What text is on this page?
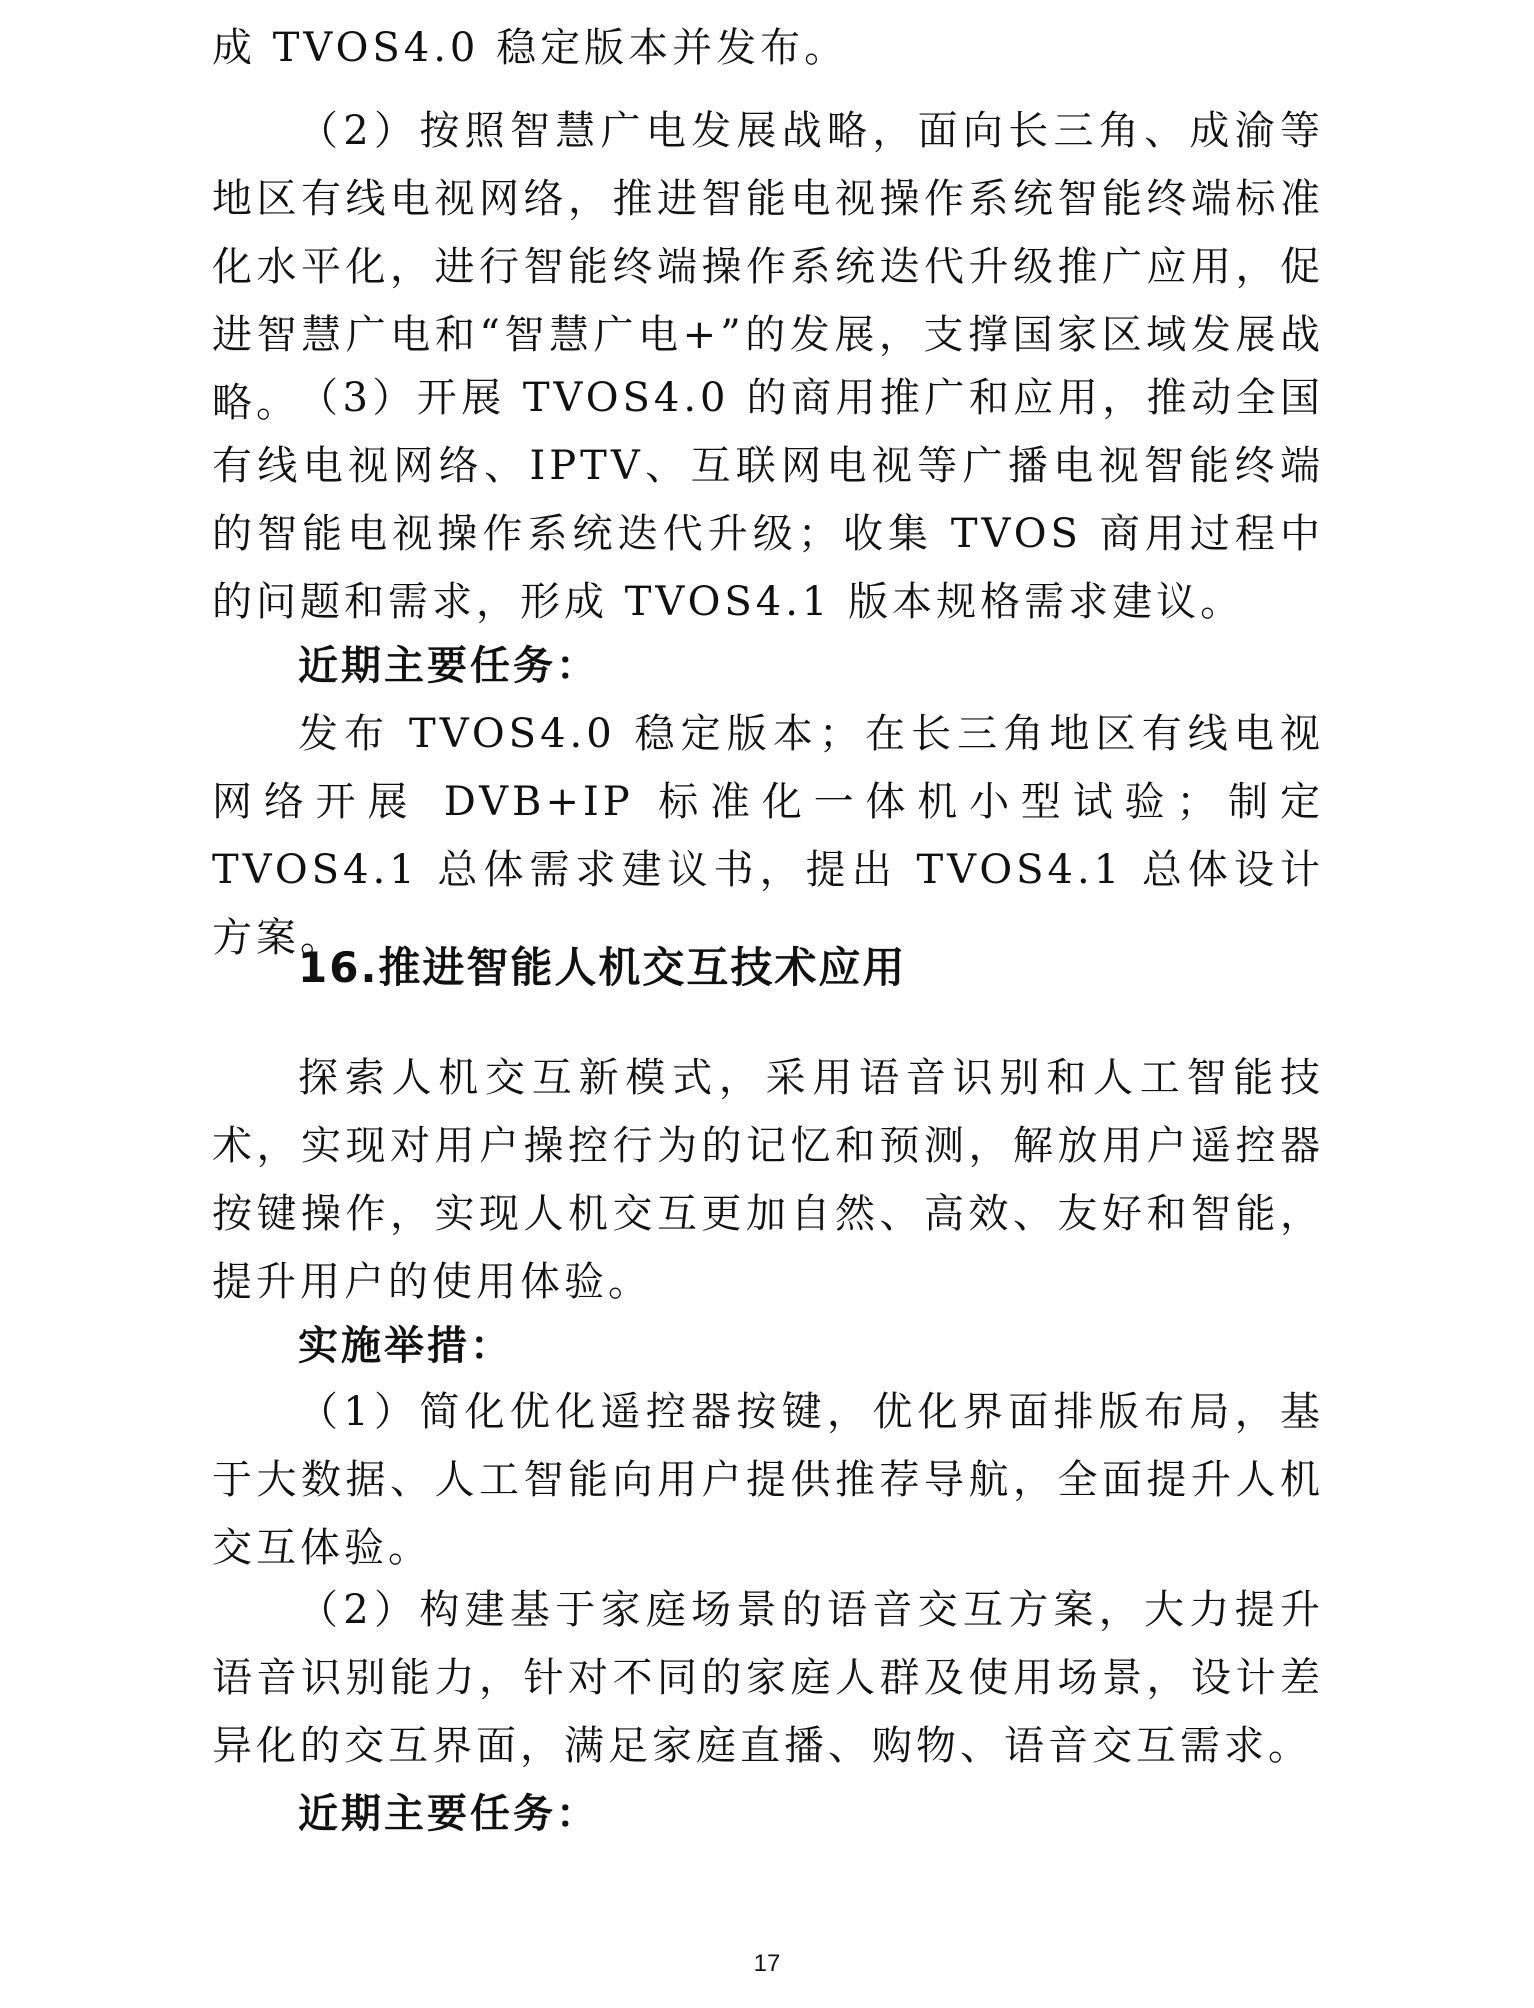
成 TVOS4.0 稳定版本并发布。

（2）按照智慧广电发展战略，面向长三角、成渝等地区有线电视网络，推进智能电视操作系统智能终端标准化水平化，进行智能终端操作系统迭代升级推广应用，促进智慧广电和“智慧广电+”的发展，支撑国家区域发展战略。

（3）开展 TVOS4.0 的商用推广和应用，推动全国有线电视网络、IPTV、互联网电视等广播电视智能终端的智能电视操作系统迭代升级；收集 TVOS 商用过程中的问题和需求，形成 TVOS4.1 版本规格需求建议。

近期主要任务：

发布 TVOS4.0 稳定版本；在长三角地区有线电视网络开展 DVB+IP 标准化一体机小型试验；制定 TVOS4.1 总体需求建议书，提出 TVOS4.1 总体设计方案。

16.推进智能人机交互技术应用

探索人机交互新模式，采用语音识别和人工智能技术，实现对用户操控行为的记忆和预测，解放用户遥控器按键操作，实现人机交互更加自然、高效、友好和智能，提升用户的使用体验。

实施举措：

（1）简化优化遥控器按键，优化界面排版布局，基于大数据、人工智能向用户提供推荐导航，全面提升人机交互体验。

（2）构建基于家庭场景的语音交互方案，大力提升语音识别能力，针对不同的家庭人群及使用场景，设计差异化的交互界面，满足家庭直播、购物、语音交互需求。

近期主要任务：

17
